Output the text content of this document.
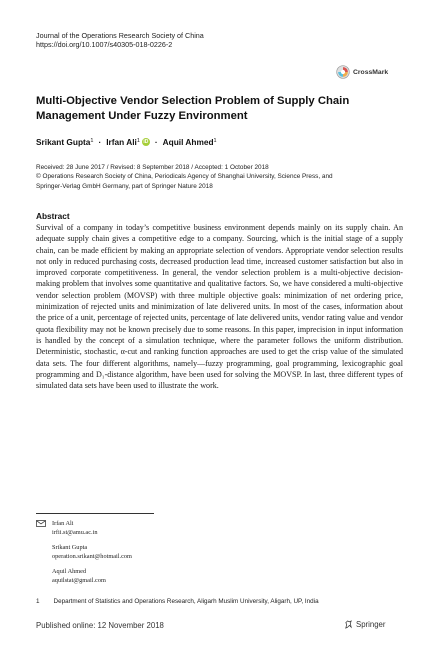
Journal of the Operations Research Society of China
https://doi.org/10.1007/s40305-018-0226-2
CrossMark
Multi-Objective Vendor Selection Problem of Supply Chain Management Under Fuzzy Environment
Srikant Gupta$^1$ · Irfan Ali$^1$ iD · Aquil Ahmed$^1$
Received: 28 June 2017 / Revised: 8 September 2018 / Accepted: 1 October 2018
© Operations Research Society of China, Periodicals Agency of Shanghai University, Science Press, and
Springer-Verlag GmbH Germany, part of Springer Nature 2018
Abstract
Survival of a company in today’s competitive business environment depends mainly on its supply chain. An adequate supply chain gives a competitive edge to a company. Sourcing, which is the initial stage of a supply chain, can be made efficient by making an appropriate selection of vendors. Appropriate vendor selection results not only in reduced purchasing costs, decreased production lead time, increased customer satisfaction but also in improved corporate competitiveness. In general, the vendor selection problem is a multi-objective decision-making problem that involves some quantitative and qualitative factors. So, we have considered a multi-objective vendor selection problem (MOVSP) with three multiple objective goals: minimization of net ordering price, minimization of rejected units and minimization of late delivered units. In most of the cases, information about the price of a unit, percentage of rejected units, percentage of late delivered units, vendor rating value and vendor quota flexibility may not be known precisely due to some reasons. In this paper, imprecision in input information is handled by the concept of a simulation technique, where the parameter follows the uniform distribution. Deterministic, stochastic, α-cut and ranking function approaches are used to get the crisp value of the simulated data sets. The four different algorithms, namely—fuzzy programming, goal programming, lexicographic goal programming and D₁-distance algorithm, have been used for solving the MOVSP. In last, three different types of simulated data sets have been used to illustrate the work.
Irfan Ali
irfii.st@amu.ac.in
Srikant Gupta
operation.srikant@hotmail.com
Aquil Ahmed
aquilstat@gmail.com
1 Department of Statistics and Operations Research, Aligarh Muslim University, Aligarh, UP, India
Published online: 12 November 2018	Springer
